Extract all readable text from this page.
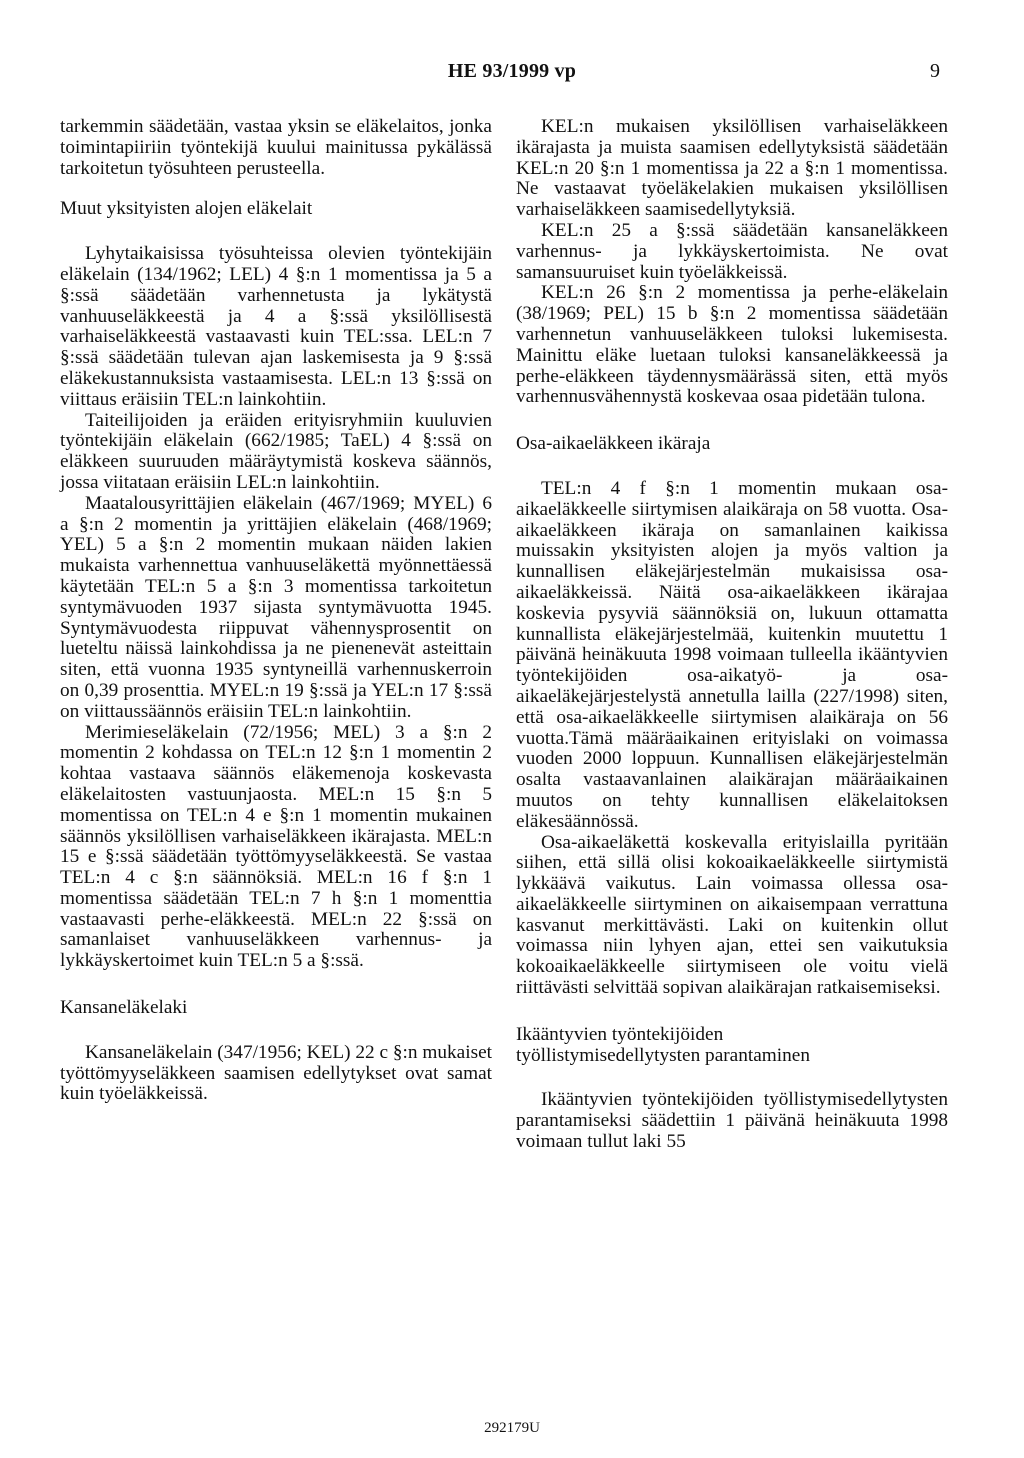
HE 93/1999 vp	9

tarkemmin säädetään, vastaa yksin se eläkelaitos, jonka toimintapiiriin työntekijä kuului mainitussa pykälässä tarkoitetun työsuhteen perusteella.

Muut yksityisten alojen eläkelait

Lyhytaikaisissa työsuhteissa olevien työntekijäin eläkelain (134/1962; LEL) 4 §:n 1 momentissa ja 5 a §:ssä säädetään varhennetusta ja lykätystä vanhuuseläkkeestä ja 4 a §:ssä yksilöllisestä varhaiseläkkeestä vastaavasti kuin TEL:ssa. LEL:n 7 §:ssä säädetään tulevan ajan laskemisesta ja 9 §:ssä eläkekustannuksista vastaamisesta. LEL:n 13 §:ssä on viittaus eräisiin TEL:n lainkohtiin.

Taiteilijoiden ja eräiden erityisryhmiin kuuluvien työntekijäin eläkelain (662/1985; TaEL) 4 §:ssä on eläkkeen suuruuden määräytymistä koskeva säännös, jossa viitataan eräisiin LEL:n lainkohtiin.

Maatalousyrittäjien eläkelain (467/1969; MYEL) 6 a §:n 2 momentin ja yrittäjien eläkelain (468/1969; YEL) 5 a §:n 2 momentin mukaan näiden lakien mukaista varhennettua vanhuuseläkettä myönnettäessä käytetään TEL:n 5 a §:n 3 momentissa tarkoitetun syntymävuoden 1937 sijasta syntymävuotta 1945. Syntymävuodesta riippuvat vähennysprosentit on lueteltu näissä lainkohdissa ja ne pienenevät asteittain siten, että vuonna 1935 syntyneillä varhennuskerroin on 0,39 prosenttia. MYEL:n 19 §:ssä ja YEL:n 17 §:ssä on viittaussäännös eräisiin TEL:n lainkohtiin.

Merimieseläkelain (72/1956; MEL) 3 a §:n 2 momentin 2 kohdassa on TEL:n 12 §:n 1 momentin 2 kohtaa vastaava säännös eläkemenoja koskevasta eläkelaitosten vastuunjaosta. MEL:n 15 §:n 5 momentissa on TEL:n 4 e §:n 1 momentin mukainen säännös yksilöllisen varhaiseläkkeen ikärajasta. MEL:n 15 e §:ssä säädetään työttömyyseläkkeestä. Se vastaa TEL:n 4 c §:n säännöksiä. MEL:n 16 f §:n 1 momentissa säädetään TEL:n 7 h §:n 1 momenttia vastaavasti perhe-eläkkeestä. MEL:n 22 §:ssä on samanlaiset vanhuuseläkkeen varhennus- ja lykkäyskertoimet kuin TEL:n 5 a §:ssä.

Kansaneläkelaki

Kansaneläkelain (347/1956; KEL) 22 c §:n mukaiset työttömyyseläkkeen saamisen edellytykset ovat samat kuin työeläkkeissä.

KEL:n mukaisen yksilöllisen varhaiseläkkeen ikärajasta ja muista saamisen edellytyksistä säädetään KEL:n 20 §:n 1 momentissa ja 22 a §:n 1 momentissa. Ne vastaavat työeläkelakien mukaisen yksilöllisen varhaiseläkkeen saamisedellytyksiä.

KEL:n 25 a §:ssä säädetään kansaneläkkeen varhennus- ja lykkäyskertoimista. Ne ovat samansuuruiset kuin työeläkkeissä.

KEL:n 26 §:n 2 momentissa ja perhe-eläkelain (38/1969; PEL) 15 b §:n 2 momentissa säädetään varhennetun vanhuuseläkkeen tuloksi lukemisesta. Mainittu eläke luetaan tuloksi kansaneläkkeessä ja perhe-eläkkeen täydennysmäärässä siten, että myös varhennusvähennystä koskevaa osaa pidetään tulona.

Osa-aikaeläkkeen ikäraja

TEL:n 4 f §:n 1 momentin mukaan osa-aikaeläkkeelle siirtymisen alaikäraja on 58 vuotta. Osa-aikaeläkkeen ikäraja on samanlainen kaikissa muissakin yksityisten alojen ja myös valtion ja kunnallisen eläkejärjestelmän mukaisissa osa-aikaeläkkeissä. Näitä osa-aikaeläkkeen ikärajaa koskevia pysyviä säännöksiä on, lukuun ottamatta kunnallista eläkejärjestelmää, kuitenkin muutettu 1 päivänä heinäkuuta 1998 voimaan tulleella ikääntyvien työntekijöiden osa-aikatyö- ja osa-aikaeläkejärjestelystä annetulla lailla (227/1998) siten, että osa-aikaeläkkeelle siirtymisen alaikäraja on 56 vuotta.Tämä määräaikainen erityislaki on voimassa vuoden 2000 loppuun. Kunnallisen eläkejärjestelmän osalta vastaavanlainen alaikärajan määräaikainen muutos on tehty kunnallisen eläkelaitoksen eläkesäännössä.

Osa-aikaeläkettä koskevalla erityislailla pyritään siihen, että sillä olisi kokoaikaeläkkeelle siirtymistä lykkäävä vaikutus. Lain voimassa ollessa osa-aikaeläkkeelle siirtyminen on aikaisempaan verrattuna kasvanut merkittävästi. Laki on kuitenkin ollut voimassa niin lyhyen ajan, ettei sen vaikutuksia kokoaikaeläkkeelle siirtymiseen ole voitu vielä riittävästi selvittää sopivan alaikärajan ratkaisemiseksi.

Ikääntyvien työntekijöiden
työllistymisedellytysten parantaminen

Ikääntyvien työntekijöiden työllistymisedellytysten parantamiseksi säädettiin 1 päivänä heinäkuuta 1998 voimaan tullut laki 55

292179U
